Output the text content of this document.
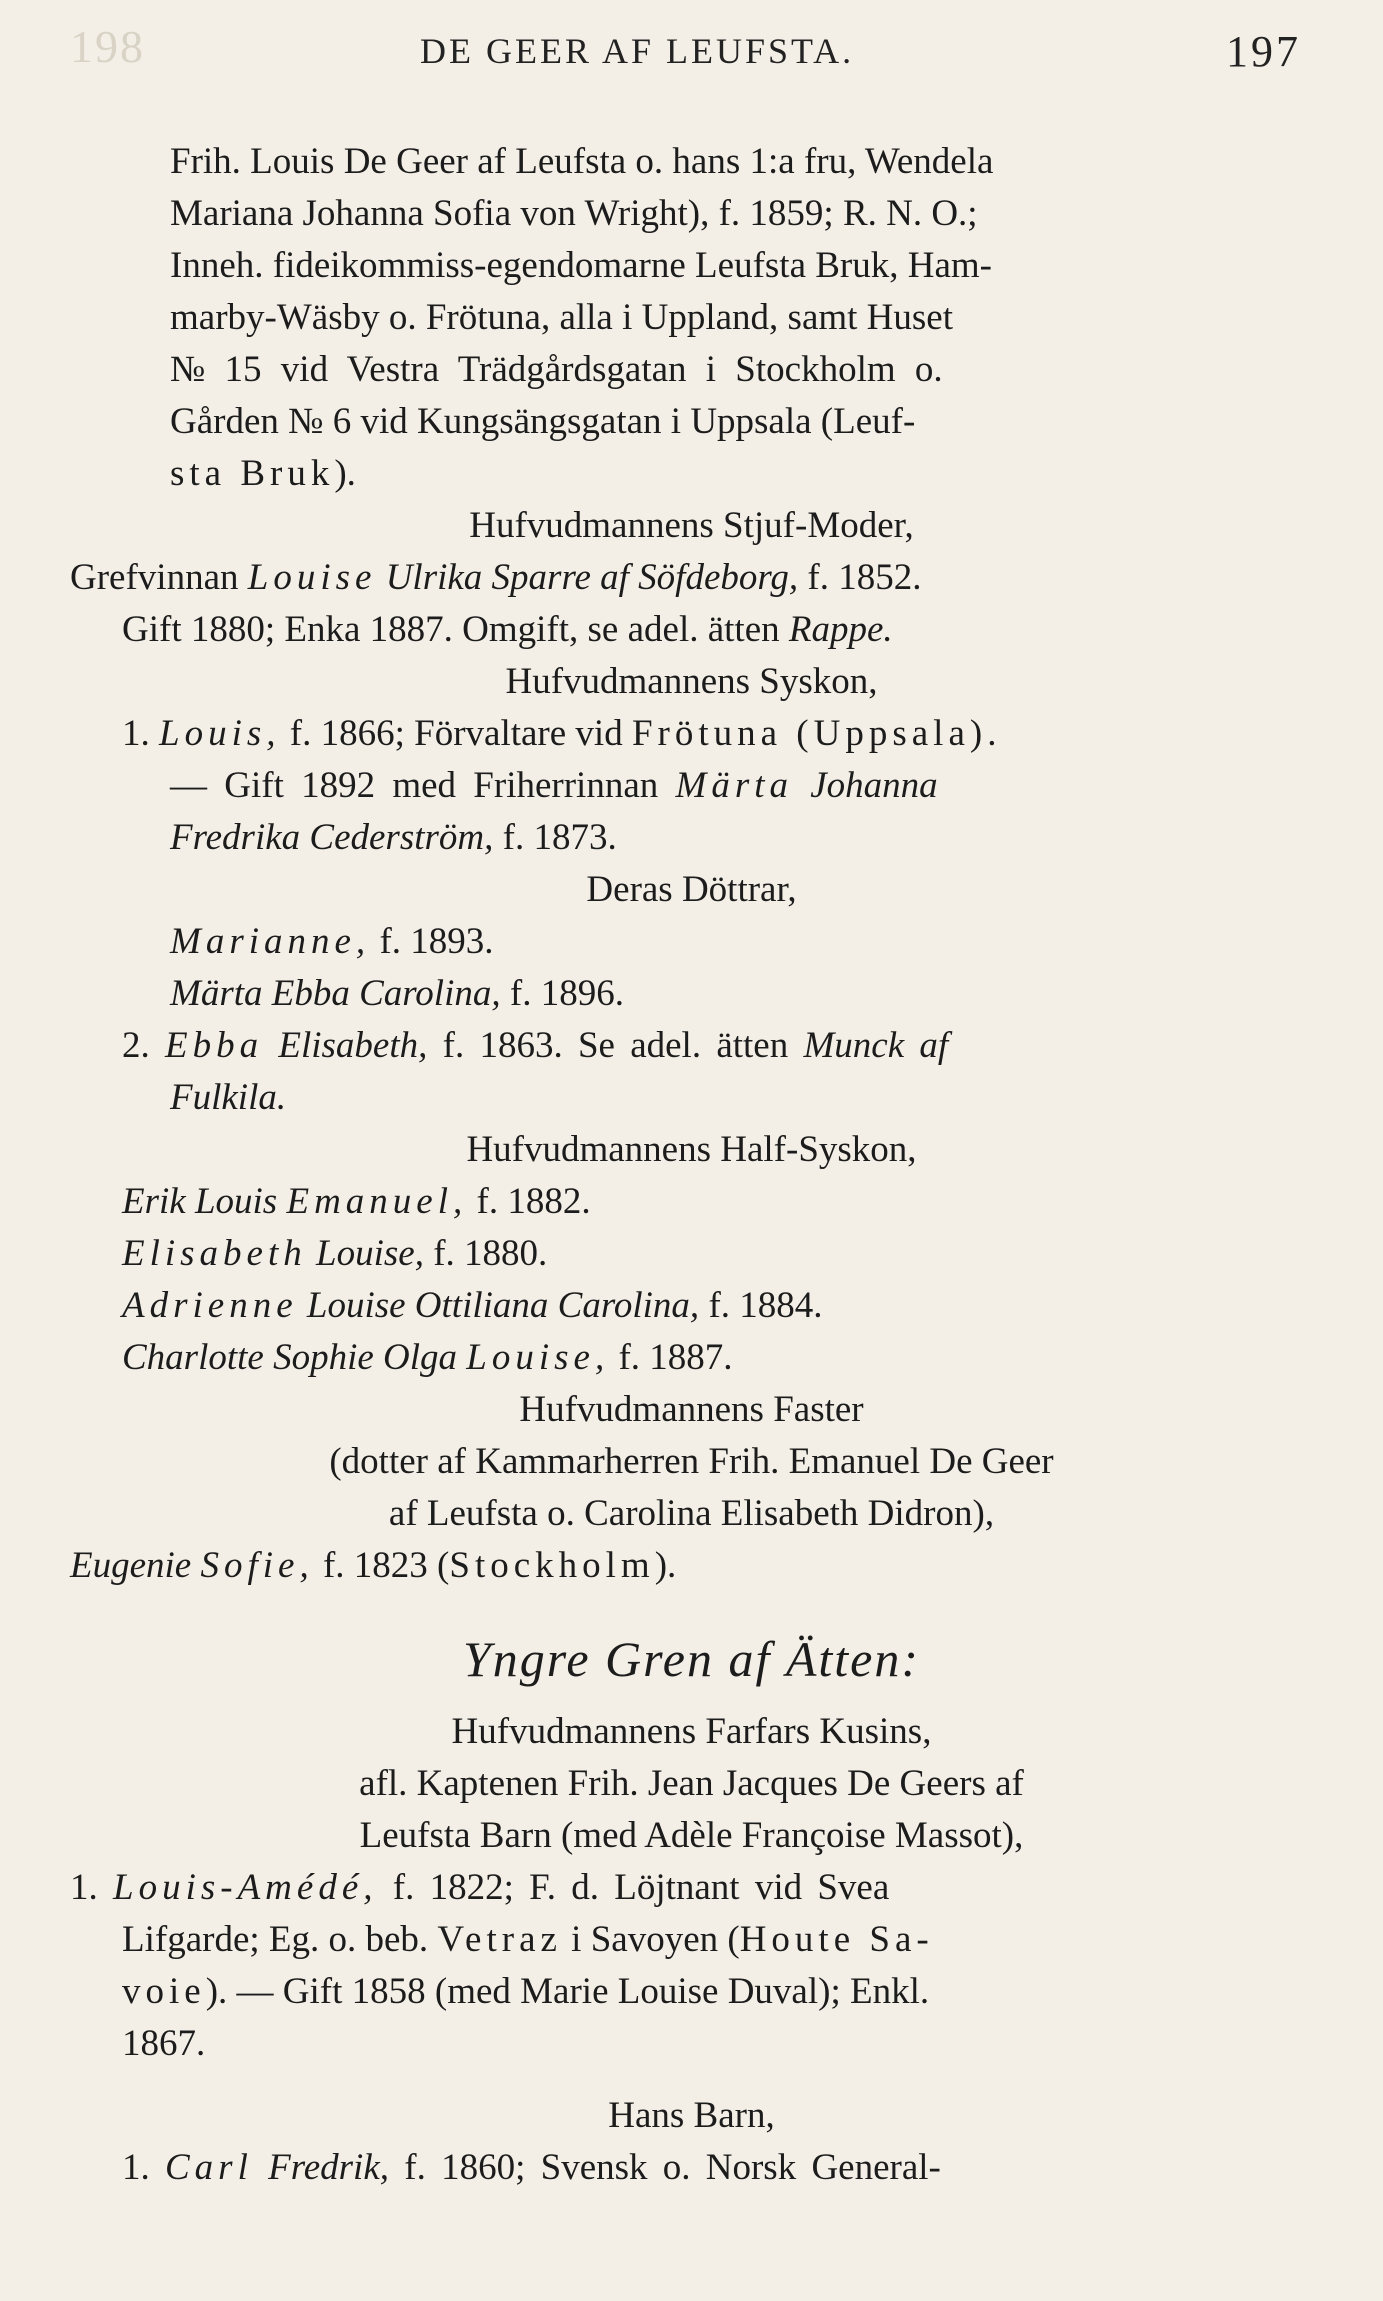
198	DE GEER AF LEUFSTA.	197
Frih. Louis De Geer af Leufsta o. hans 1:a fru, Wendela
Mariana Johanna Sofia von Wright), f. 1859; R. N. O.;
Inneh. fideikommiss-egendomarne Leufsta Bruk, Ham-
marby-Wäsby o. Frötuna, alla i Uppland, samt Huset
№ 15 vid Vestra Trädgårdsgatan i Stockholm o.
Gården № 6 vid Kungsängsgatan i Uppsala (Leuf-
sta Bruk).
Hufvudmannens Stjuf-Moder,
Grefvinnan Louise Ulrika Sparre af Söfdeborg, f. 1852.
Gift 1880; Enka 1887. Omgift, se adel. ätten Rappe.
Hufvudmannens Syskon,
1. Louis, f. 1866; Förvaltare vid Frötuna (Uppsala).
— Gift 1892 med Friherrinnan Märta Johanna
Fredrika Cederström, f. 1873.
Deras Döttrar,
Marianne, f. 1893.
Märta Ebba Carolina, f. 1896.
2. Ebba Elisabeth, f. 1863. Se adel. ätten Munck af
Fulkila.
Hufvudmannens Half-Syskon,
Erik Louis Emanuel, f. 1882.
Elisabeth Louise, f. 1880.
Adrienne Louise Ottiliana Carolina, f. 1884.
Charlotte Sophie Olga Louise, f. 1887.
Hufvudmannens Faster
(dotter af Kammarherren Frih. Emanuel De Geer
af Leufsta o. Carolina Elisabeth Didron),
Eugenie Sofie, f. 1823 (Stockholm).
Yngre Gren af Ätten:
Hufvudmannens Farfars Kusins,
afl. Kaptenen Frih. Jean Jacques De Geers af
Leufsta Barn (med Adèle Françoise Massot),
1. Louis-Amédé, f. 1822; F. d. Löjtnant vid Svea
Lifgarde; Eg. o. beb. Vetraz i Savoyen (Houte Sa-
voie). — Gift 1858 (med Marie Louise Duval); Enkl.
1867.
Hans Barn,
1. Carl Fredrik, f. 1860; Svensk o. Norsk General-
